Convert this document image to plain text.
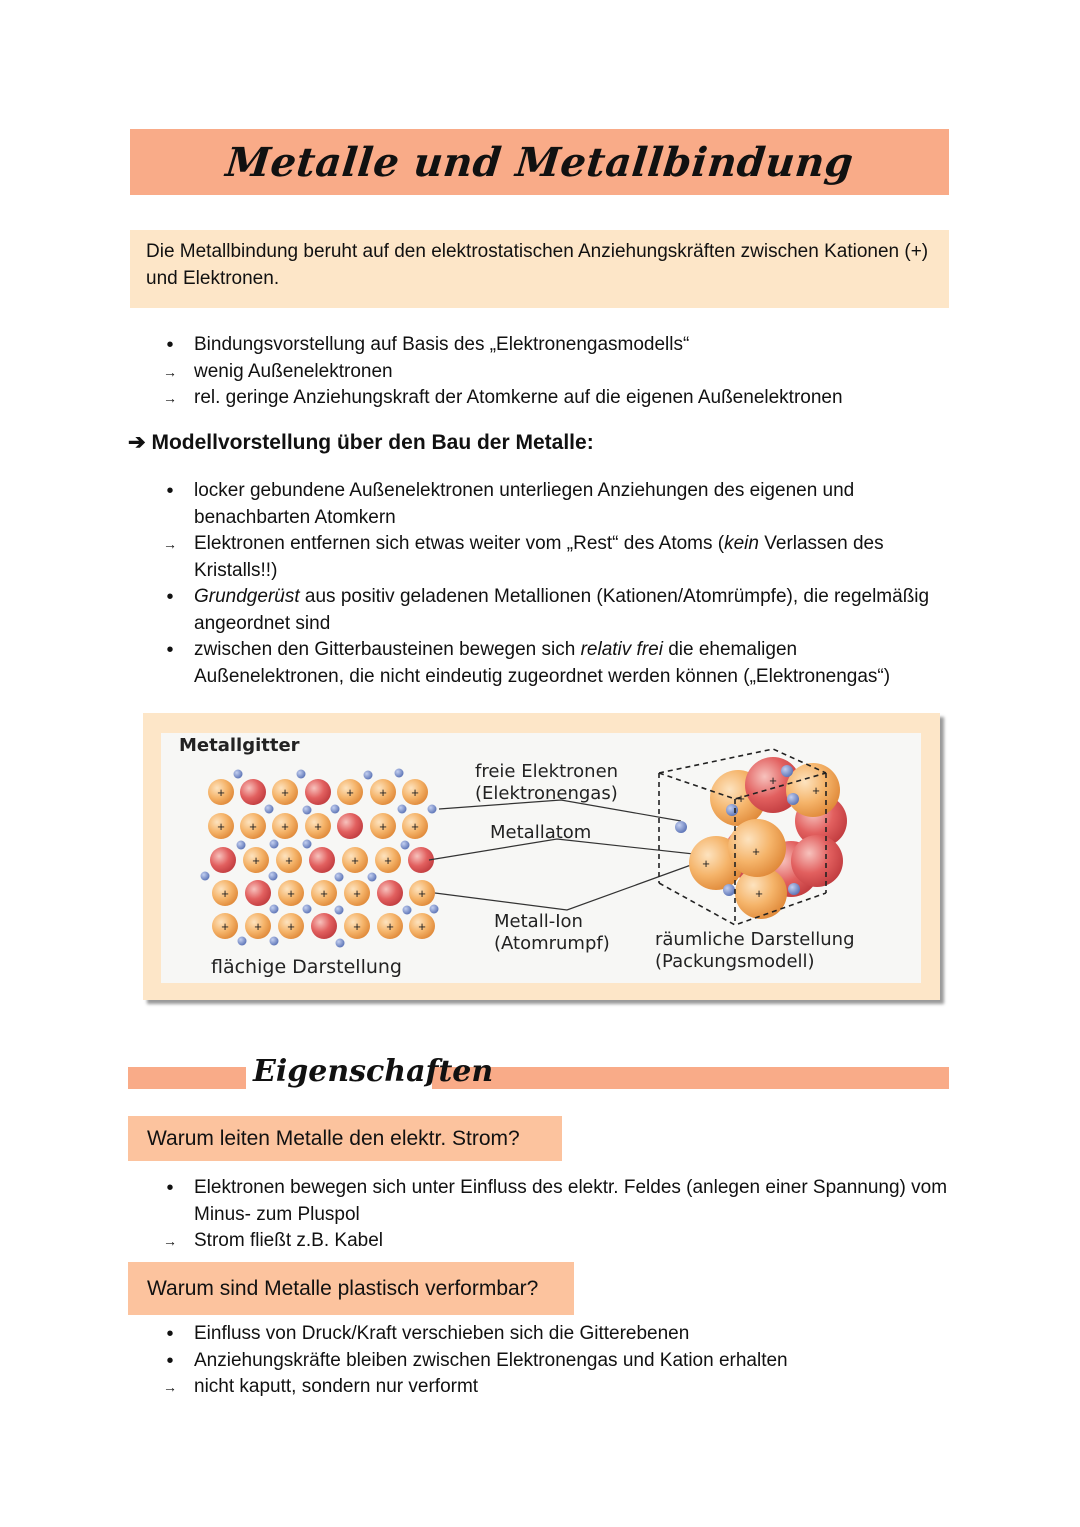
Metalle und Metallbindung
Die Metallbindung beruht auf den elektrostatischen Anziehungskräften zwischen Kationen (+) und Elektronen.
•	Bindungsvorstellung auf Basis des „Elektronengasmodells“
→ wenig Außenelektronen
→ rel. geringe Anziehungskraft der Atomkerne auf die eigenen Außenelektronen
➔ Modellvorstellung über den Bau der Metalle:
•	locker gebundene Außenelektronen unterliegen Anziehungen des eigenen und benachbarten Atomkern
→ Elektronen entfernen sich etwas weiter vom „Rest“ des Atoms (kein Verlassen des Kristalls!!)
•	Grundgerüst aus positiv geladenen Metallionen (Kationen/Atomrümpfe), die regelmäßig angeordnet sind
•	zwischen den Gitterbausteinen bewegen sich relativ frei die ehemaligen Außenelektronen, die nicht eindeutig zugeordnet werden können („Elektronengas“)
+	+	+ + +
+ + + +	+ +
+ +	+ +
+	+ + +	+
+ + +	+ + +
+
+
+
+
+
+
Metallgitter
freie Elektronen
(Elektronengas)
Metallatom
Metall-Ion
(Atomrumpf)
flächige Darstellung
räumliche Darstellung
(Packungsmodell)
Eigenschaften
Warum leiten Metalle den elektr. Strom?
•	Elektronen bewegen sich unter Einfluss des elektr. Feldes (anlegen einer Spannung) vom Minus- zum Pluspol
→ Strom fließt z.B. Kabel
Warum sind Metalle plastisch verformbar?
•	Einfluss von Druck/Kraft verschieben sich die Gitterebenen
•	Anziehungskräfte bleiben zwischen Elektronengas und Kation erhalten
→ nicht kaputt, sondern nur verformt
